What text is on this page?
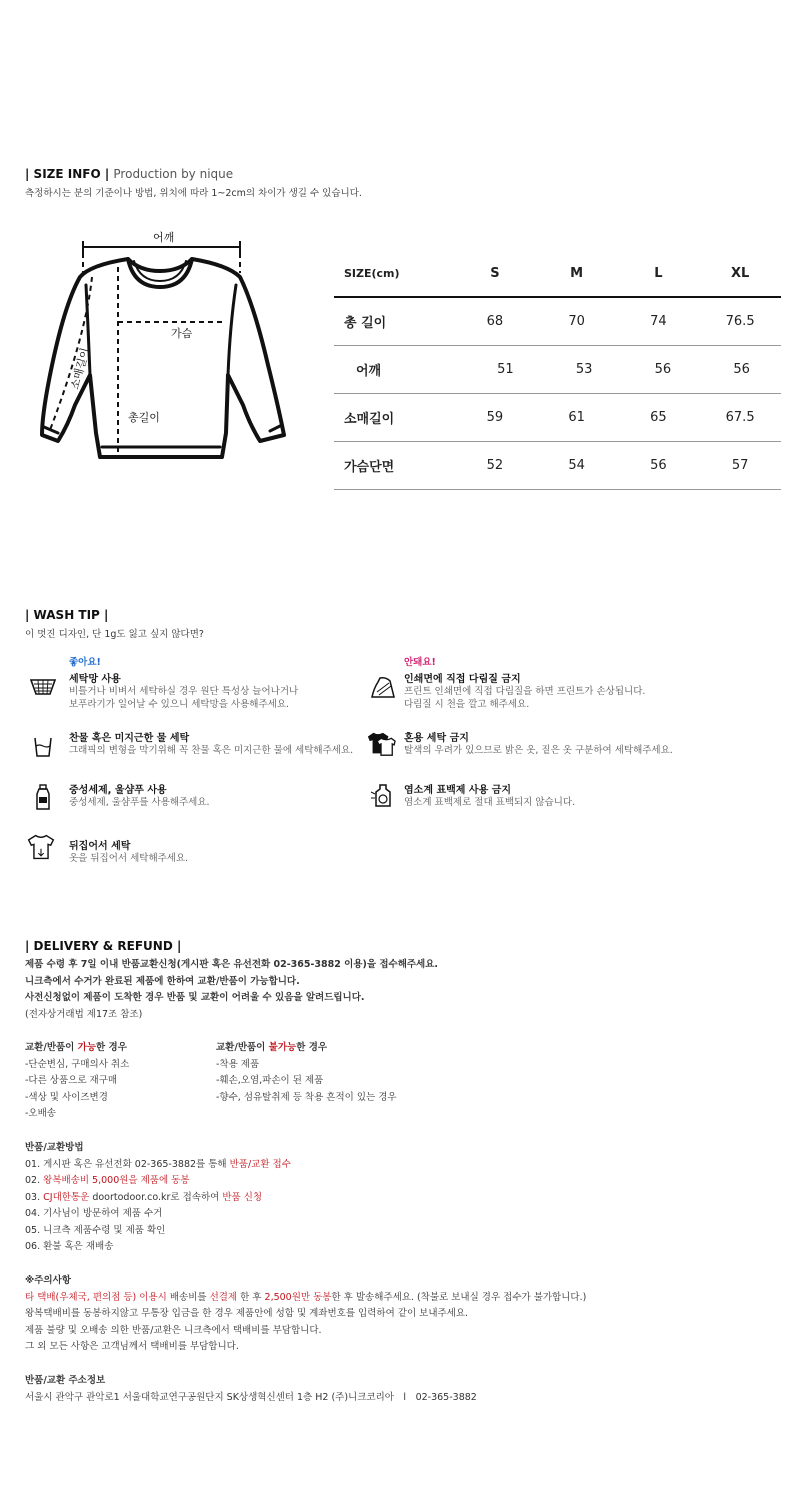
| SIZE INFO | Production by nique
측정하시는 분의 기준이나 방법, 위치에 따라 1~2cm의 차이가 생길 수 있습니다.
어깨
가슴
총길이
소매길이
SIZE(cm)	S	M	L	XL
총 길이	68	70	74	76.5
어깨	51	53	56	56
소매길이	59	61	65	67.5
가슴단면	52	54	56	57
| WASH TIP |
이 멋진 디자인, 단 1g도 잃고 싶지 않다면?
좋아요!	안돼요!
세탁망 사용
비틀거나 비벼서 세탁하실 경우 원단 특성상 늘어나거나
보푸라기가 일어날 수 있으니 세탁망을 사용해주세요.
찬물 혹은 미지근한 물 세탁
그래픽의 변형을 막기위해 꼭 찬물 혹은 미지근한 물에 세탁해주세요.
중성세제, 울샴푸 사용
중성세제, 울샴푸를 사용해주세요.
뒤집어서 세탁
옷을 뒤집어서 세탁해주세요.
인쇄면에 직접 다림질 금지
프린트 인쇄면에 직접 다림질을 하면 프린트가 손상됩니다.
다림질 시 천을 깔고 해주세요.
혼용 세탁 금지
탈색의 우려가 있으므로 밝은 옷, 짙은 옷 구분하여 세탁해주세요.
염소계 표백제 사용 금지
염소계 표백제로 절대 표백되지 않습니다.
| DELIVERY & REFUND |
제품 수령 후 7일 이내 반품교환신청(게시판 혹은 유선전화 02-365-3882 이용)을 접수해주세요.
니크측에서 수거가 완료된 제품에 한하여 교환/반품이 가능합니다.
사전신청없이 제품이 도착한 경우 반품 및 교환이 어려울 수 있음을 알려드립니다.
(전자상거래법 제17조 참조)
교환/반품이 가능한 경우
-단순변심, 구매의사 취소
-다른 상품으로 재구매
-색상 및 사이즈변경
-오배송
교환/반품이 불가능한 경우
-착용 제품
-훼손,오염,파손이 된 제품
-향수, 섬유탈취제 등 착용 흔적이 있는 경우
반품/교환방법
01. 게시판 혹은 유선전화 02-365-3882를 통해 반품/교환 접수
02. 왕복배송비 5,000원을 제품에 동봉
03. CJ대한통운 doortodoor.co.kr로 접속하여 반품 신청
04. 기사님이 방문하여 제품 수거
05. 니크측 제품수령 및 제품 확인
06. 환불 혹은 재배송
※주의사항
타 택배(우체국, 편의점 등) 이용시 배송비를 선결제 한 후 2,500원만 동봉한 후 발송해주세요. (착불로 보내실 경우 접수가 불가합니다.)
왕복택배비를 동봉하지않고 무통장 입금을 한 경우 제품안에 성함 및 계좌번호를 입력하여 같이 보내주세요.
제품 불량 및 오배송 의한 반품/교환은 니크측에서 택배비를 부담합니다.
그 외 모든 사항은 고객님께서 택배비를 부담합니다.
반품/교환 주소정보
서울시 관악구 관악로1 서울대학교연구공원단지 SK상생혁신센터 1층 H2 (주)니크코리아　l　02-365-3882
